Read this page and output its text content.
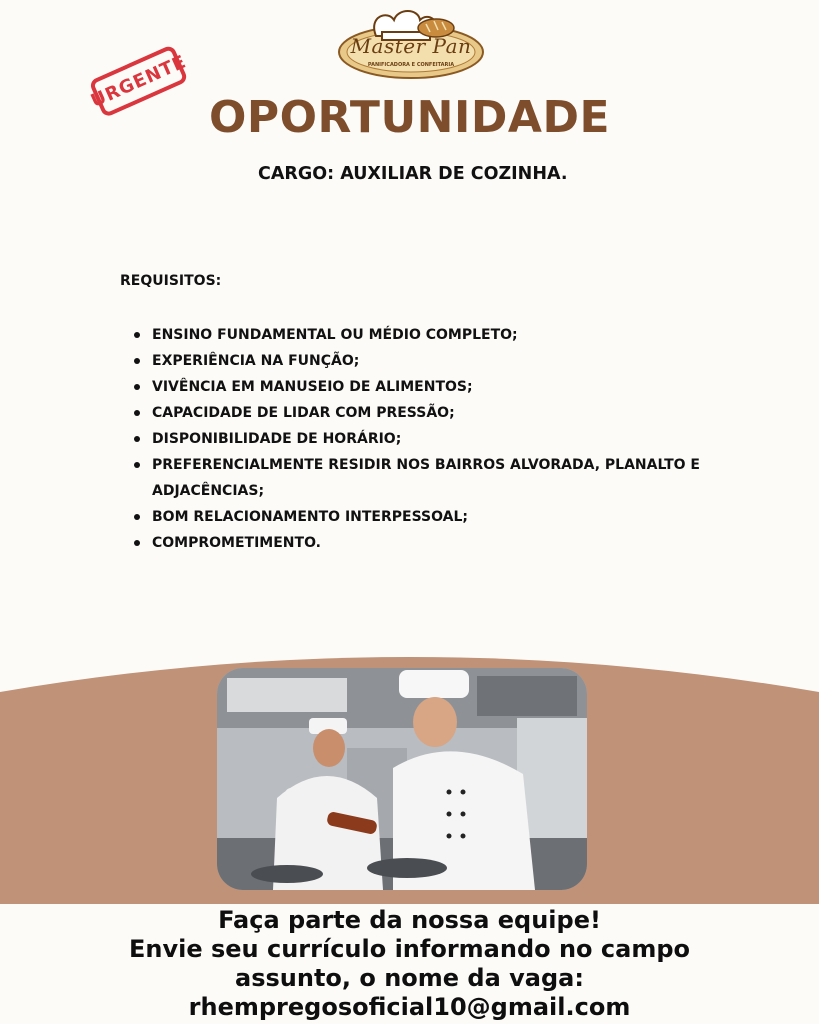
Master Pan
PANIFICADORA E CONFEITARIA
URGENTE
OPORTUNIDADE
CARGO: AUXILIAR DE COZINHA.
REQUISITOS:
ENSINO FUNDAMENTAL OU MÉDIO COMPLETO;
EXPERIÊNCIA NA FUNÇÃO;
VIVÊNCIA EM MANUSEIO DE ALIMENTOS;
CAPACIDADE DE LIDAR COM PRESSÃO;
DISPONIBILIDADE DE HORÁRIO;
PREFERENCIALMENTE RESIDIR NOS BAIRROS ALVORADA, PLANALTO E ADJACÊNCIAS;
BOM RELACIONAMENTO INTERPESSOAL;
COMPROMETIMENTO.
Faça parte da nossa equipe!
Envie seu currículo informando no campo
assunto, o nome da vaga:
rhempregosoficial10@gmail.com
